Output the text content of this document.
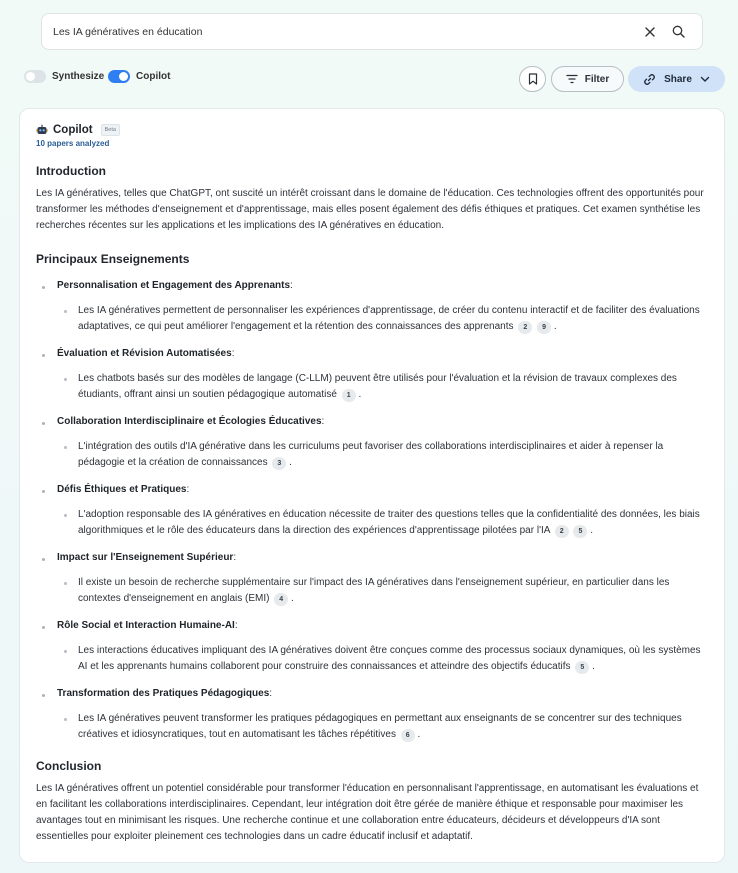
Les IA génératives en éducation
Synthesize	Copilot	Filter	Share
Copilot	Beta
10 papers analyzed
Introduction

Les IA génératives, telles que ChatGPT, ont suscité un intérêt croissant dans le domaine de l'éducation. Ces technologies offrent des opportunités pour transformer les méthodes d'enseignement et d'apprentissage, mais elles posent également des défis éthiques et pratiques. Cet examen synthétise les recherches récentes sur les applications et les implications des IA génératives en éducation.

Principaux Enseignements
Personnalisation et Engagement des Apprenants:
Les IA génératives permettent de personnaliser les expériences d'apprentissage, de créer du contenu interactif et de faciliter des évaluations adaptatives, ce qui peut améliorer l'engagement et la rétention des connaissances des apprenants 2 9 .
Évaluation et Révision Automatisées:
Les chatbots basés sur des modèles de langage (C-LLM) peuvent être utilisés pour l'évaluation et la révision de travaux complexes des étudiants, offrant ainsi un soutien pédagogique automatisé 1 .
Collaboration Interdisciplinaire et Écologies Éducatives:
L'intégration des outils d'IA générative dans les curriculums peut favoriser des collaborations interdisciplinaires et aider à repenser la pédagogie et la création de connaissances 3 .
Défis Éthiques et Pratiques:
L'adoption responsable des IA génératives en éducation nécessite de traiter des questions telles que la confidentialité des données, les biais algorithmiques et le rôle des éducateurs dans la direction des expériences d'apprentissage pilotées par l'IA 2 5 .
Impact sur l'Enseignement Supérieur:
Il existe un besoin de recherche supplémentaire sur l'impact des IA génératives dans l'enseignement supérieur, en particulier dans les contextes d'enseignement en anglais (EMI) 4 .
Rôle Social et Interaction Humaine-AI:
Les interactions éducatives impliquant des IA génératives doivent être conçues comme des processus sociaux dynamiques, où les systèmes AI et les apprenants humains collaborent pour construire des connaissances et atteindre des objectifs éducatifs 5 .
Transformation des Pratiques Pédagogiques:
Les IA génératives peuvent transformer les pratiques pédagogiques en permettant aux enseignants de se concentrer sur des techniques créatives et idiosyncratiques, tout en automatisant les tâches répétitives 6 .
Conclusion

Les IA génératives offrent un potentiel considérable pour transformer l'éducation en personnalisant l'apprentissage, en automatisant les évaluations et en facilitant les collaborations interdisciplinaires. Cependant, leur intégration doit être gérée de manière éthique et responsable pour maximiser les avantages tout en minimisant les risques. Une recherche continue et une collaboration entre éducateurs, décideurs et développeurs d'IA sont essentielles pour exploiter pleinement ces technologies dans un cadre éducatif inclusif et adaptatif.
